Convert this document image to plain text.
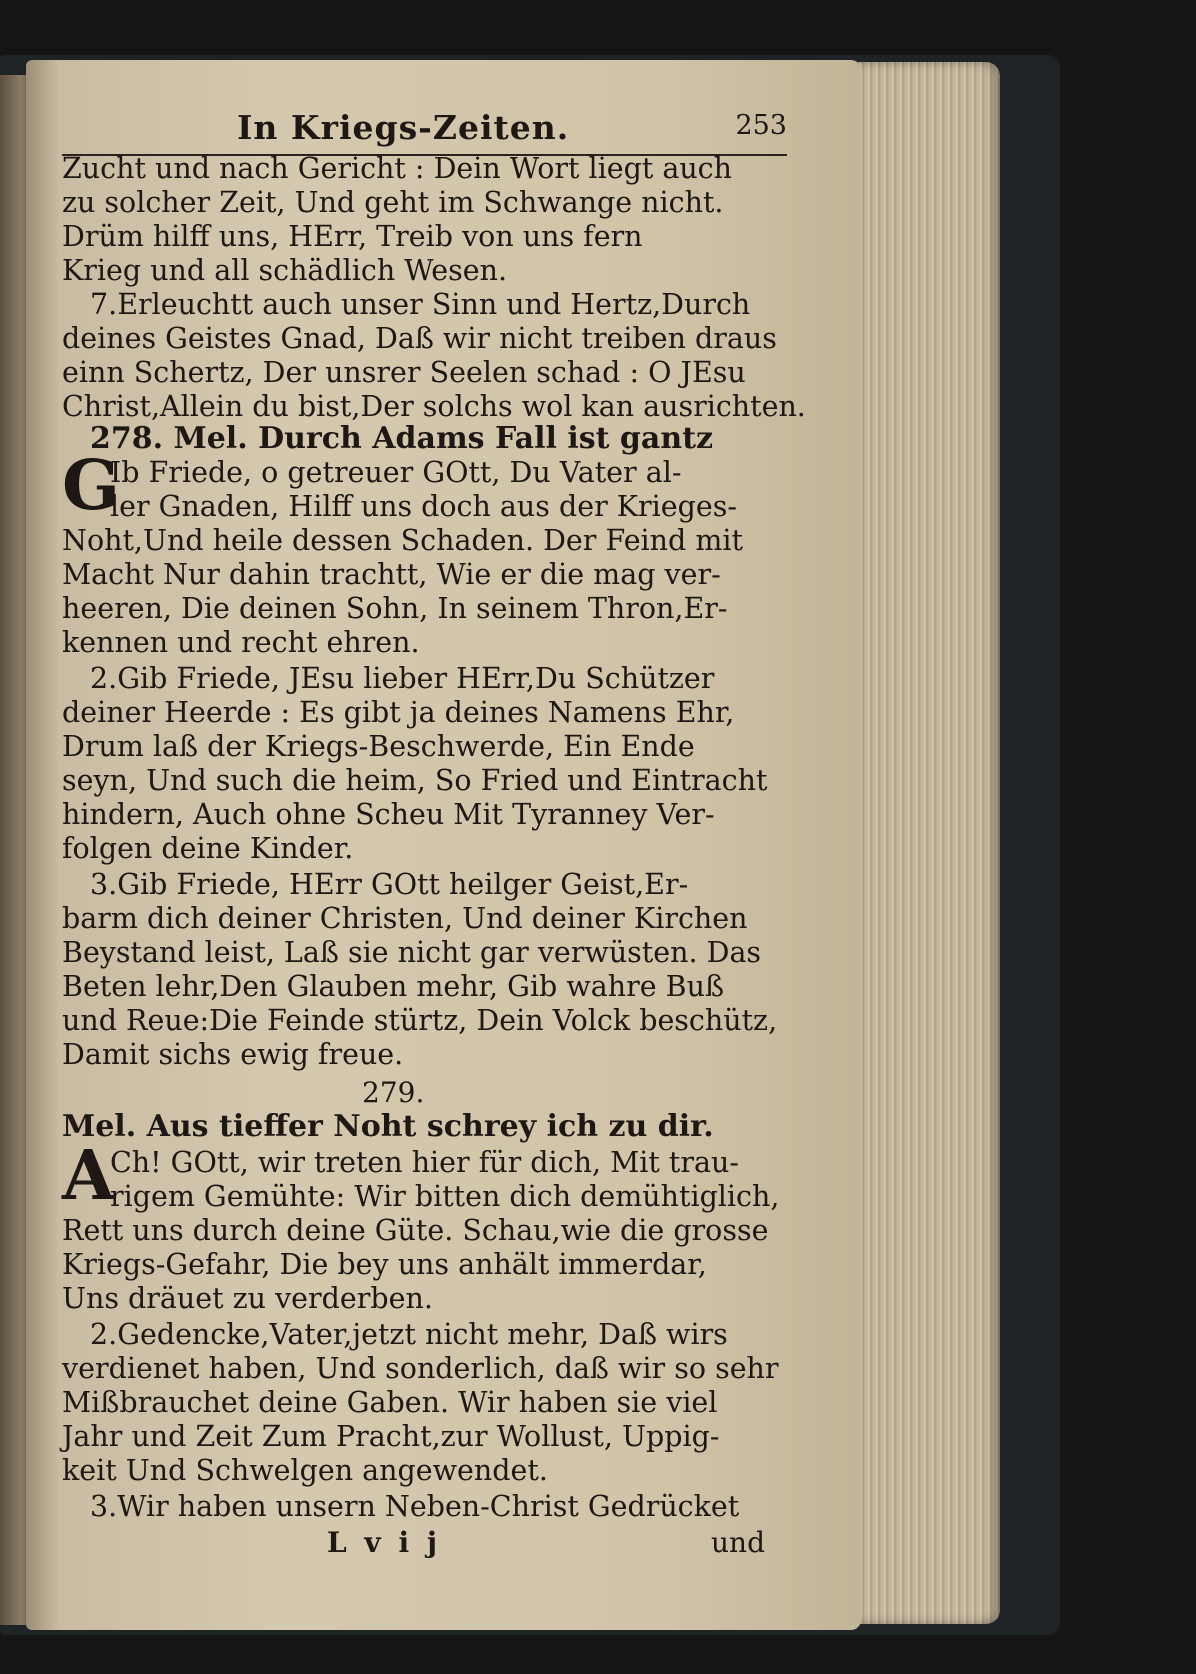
In Kriegs-Zeiten.	253
Zucht und nach Gericht : Dein Wort liegt auch
zu solcher Zeit, Und geht im Schwange nicht.
Drüm hilff uns, HErr, Treib von uns fern
Krieg und all schädlich Wesen.
7.Erleuchtt auch unser Sinn und Hertz,Durch
deines Geistes Gnad, Daß wir nicht treiben draus
einn Schertz, Der unsrer Seelen schad : O JEsu
Christ,Allein du bist,Der solchs wol kan ausrichten.
278. Mel. Durch Adams Fall ist gantz
G
Ib Friede, o getreuer GOtt, Du Vater al-
ler Gnaden, Hilff uns doch aus der Krieges-
Noht,Und heile dessen Schaden. Der Feind mit
Macht Nur dahin trachtt, Wie er die mag ver-
heeren, Die deinen Sohn, In seinem Thron,Er-
kennen und recht ehren.
2.Gib Friede, JEsu lieber HErr,Du Schützer
deiner Heerde : Es gibt ja deines Namens Ehr,
Drum laß der Kriegs-Beschwerde, Ein Ende
seyn, Und such die heim, So Fried und Eintracht
hindern, Auch ohne Scheu Mit Tyranney Ver-
folgen deine Kinder.
3.Gib Friede, HErr GOtt heilger Geist,Er-
barm dich deiner Christen, Und deiner Kirchen
Beystand leist, Laß sie nicht gar verwüsten. Das
Beten lehr,Den Glauben mehr, Gib wahre Buß
und Reue:Die Feinde stürtz, Dein Volck beschütz,
Damit sichs ewig freue.
279.
Mel. Aus tieffer Noht schrey ich zu dir.
A
Ch! GOtt, wir treten hier für dich, Mit trau-
rigem Gemühte: Wir bitten dich demühtiglich,
Rett uns durch deine Güte. Schau,wie die grosse
Kriegs-Gefahr, Die bey uns anhält immerdar,
Uns dräuet zu verderben.
2.Gedencke,Vater,jetzt nicht mehr, Daß wirs
verdienet haben, Und sonderlich, daß wir so sehr
Mißbrauchet deine Gaben. Wir haben sie viel
Jahr und Zeit Zum Pracht,zur Wollust, Uppig-
keit Und Schwelgen angewendet.
3.Wir haben unsern Neben-Christ Gedrücket
L v i j	und
